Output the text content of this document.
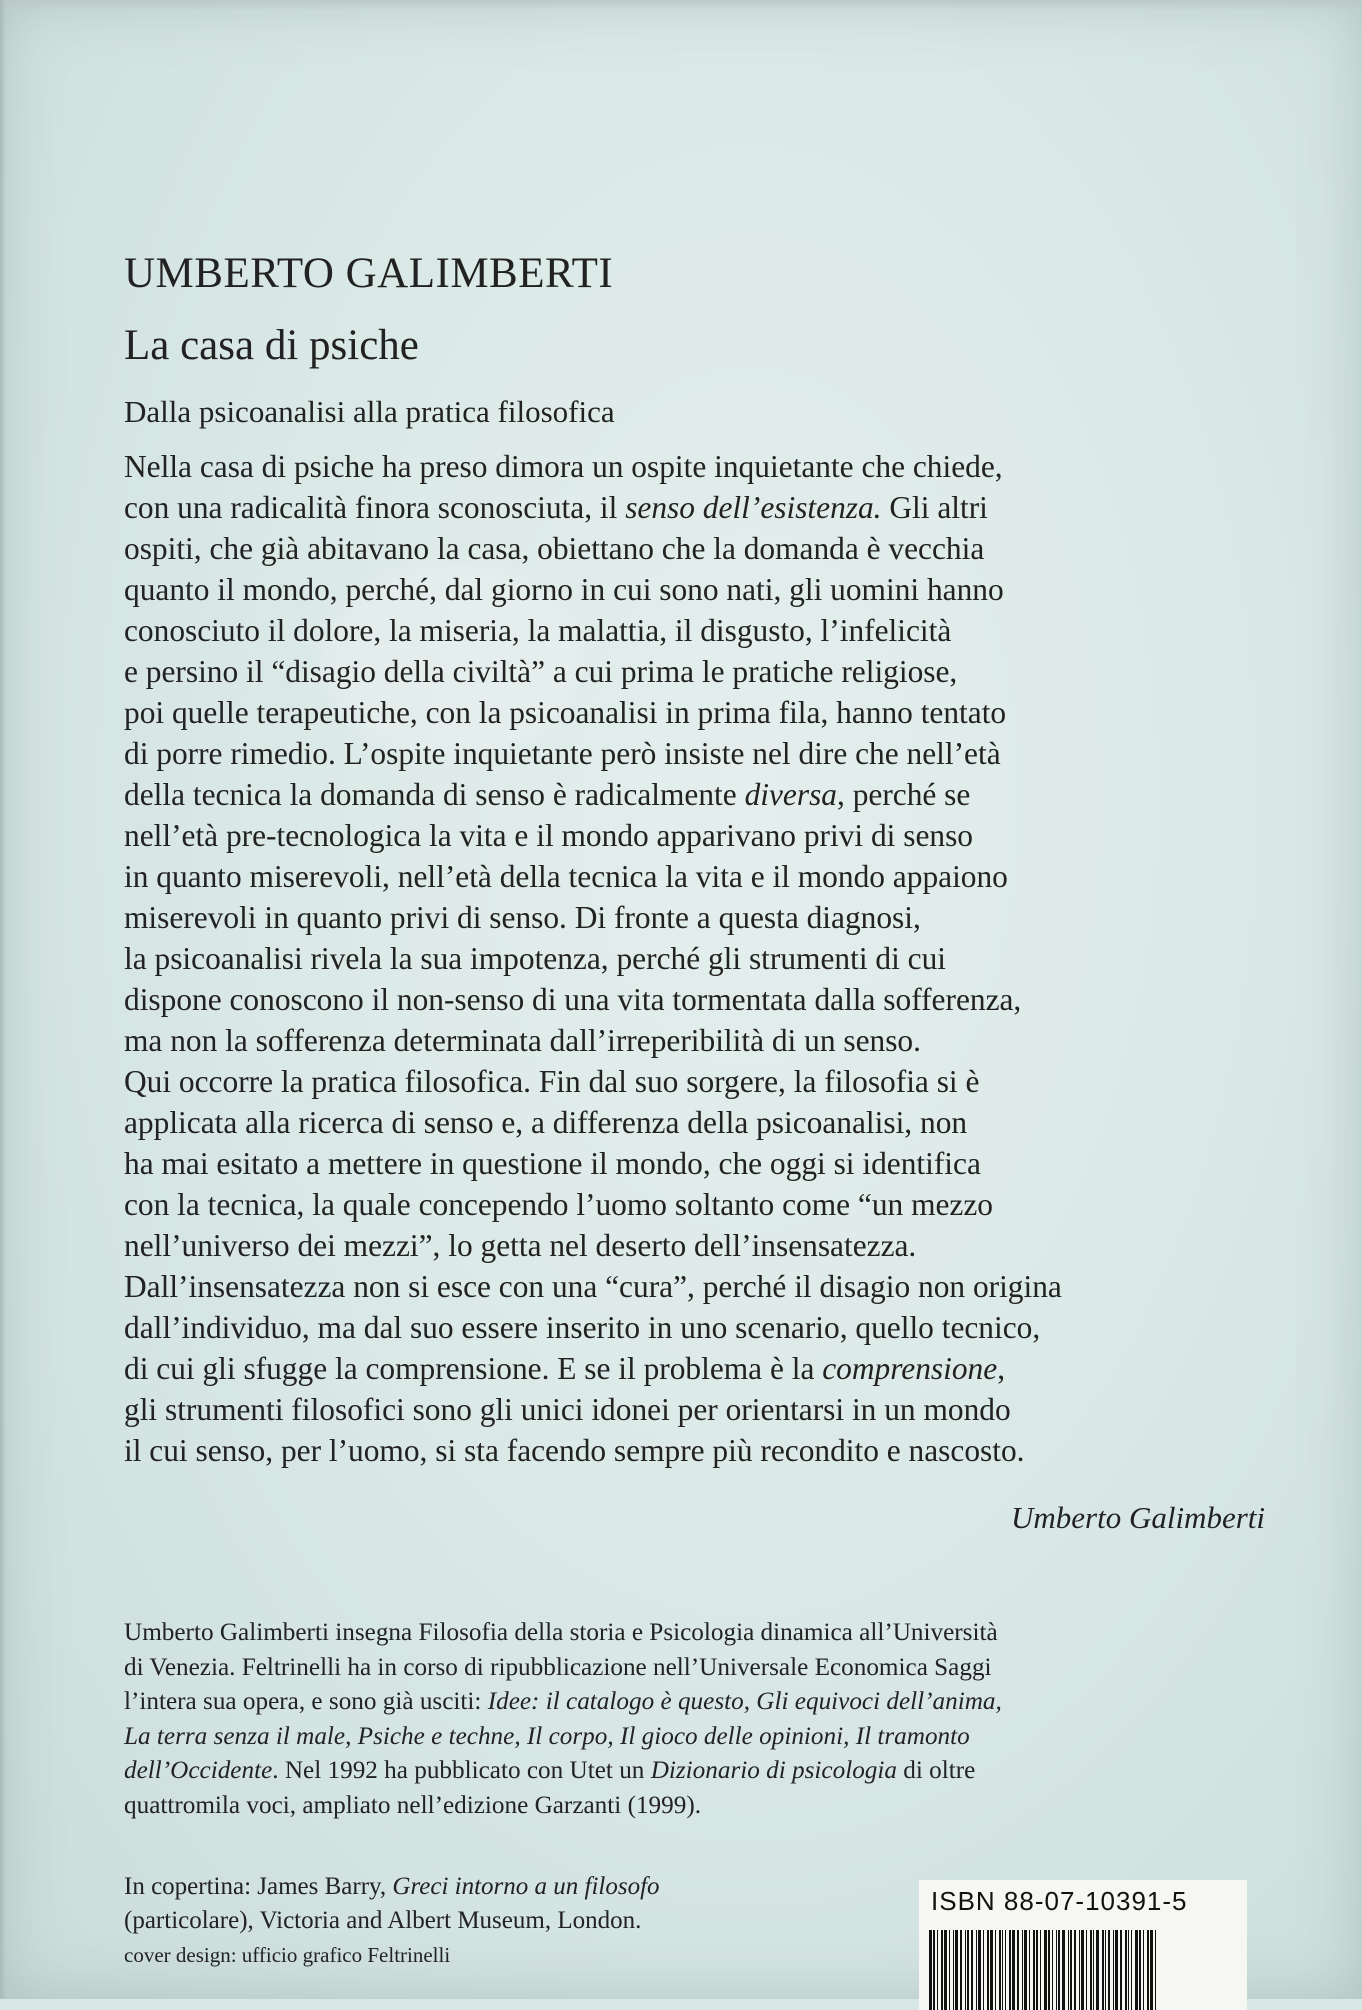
UMBERTO GALIMBERTI
La casa di psiche

Dalla psicoanalisi alla pratica filosofica

Nella casa di psiche ha preso dimora un ospite inquietante che chiede,
con una radicalità finora sconosciuta, il senso dell’esistenza. Gli altri
ospiti, che già abitavano la casa, obiettano che la domanda è vecchia
quanto il mondo, perché, dal giorno in cui sono nati, gli uomini hanno
conosciuto il dolore, la miseria, la malattia, il disgusto, l’infelicità
e persino il “disagio della civiltà” a cui prima le pratiche religiose,
poi quelle terapeutiche, con la psicoanalisi in prima fila, hanno tentato
di porre rimedio. L’ospite inquietante però insiste nel dire che nell’età
della tecnica la domanda di senso è radicalmente diversa, perché se
nell’età pre-tecnologica la vita e il mondo apparivano privi di senso
in quanto miserevoli, nell’età della tecnica la vita e il mondo appaiono
miserevoli in quanto privi di senso. Di fronte a questa diagnosi,
la psicoanalisi rivela la sua impotenza, perché gli strumenti di cui
dispone conoscono il non-senso di una vita tormentata dalla sofferenza,
ma non la sofferenza determinata dall’irreperibilità di un senso.
Qui occorre la pratica filosofica. Fin dal suo sorgere, la filosofia si è
applicata alla ricerca di senso e, a differenza della psicoanalisi, non
ha mai esitato a mettere in questione il mondo, che oggi si identifica
con la tecnica, la quale concependo l’uomo soltanto come “un mezzo
nell’universo dei mezzi”, lo getta nel deserto dell’insensatezza.
Dall’insensatezza non si esce con una “cura”, perché il disagio non origina
dall’individuo, ma dal suo essere inserito in uno scenario, quello tecnico,
di cui gli sfugge la comprensione. E se il problema è la comprensione,
gli strumenti filosofici sono gli unici idonei per orientarsi in un mondo
il cui senso, per l’uomo, si sta facendo sempre più recondito e nascosto.

Umberto Galimberti

Umberto Galimberti insegna Filosofia della storia e Psicologia dinamica all’Università
di Venezia. Feltrinelli ha in corso di ripubblicazione nell’Universale Economica Saggi
l’intera sua opera, e sono già usciti: Idee: il catalogo è questo, Gli equivoci dell’anima,
La terra senza il male, Psiche e techne, Il corpo, Il gioco delle opinioni, Il tramonto
dell’Occidente. Nel 1992 ha pubblicato con Utet un Dizionario di psicologia di oltre
quattromila voci, ampliato nell’edizione Garzanti (1999).
In copertina: James Barry, Greci intorno a un filosofo
(particolare), Victoria and Albert Museum, London.
cover design: ufficio grafico Feltrinelli

ISBN 88-07-10391-5
